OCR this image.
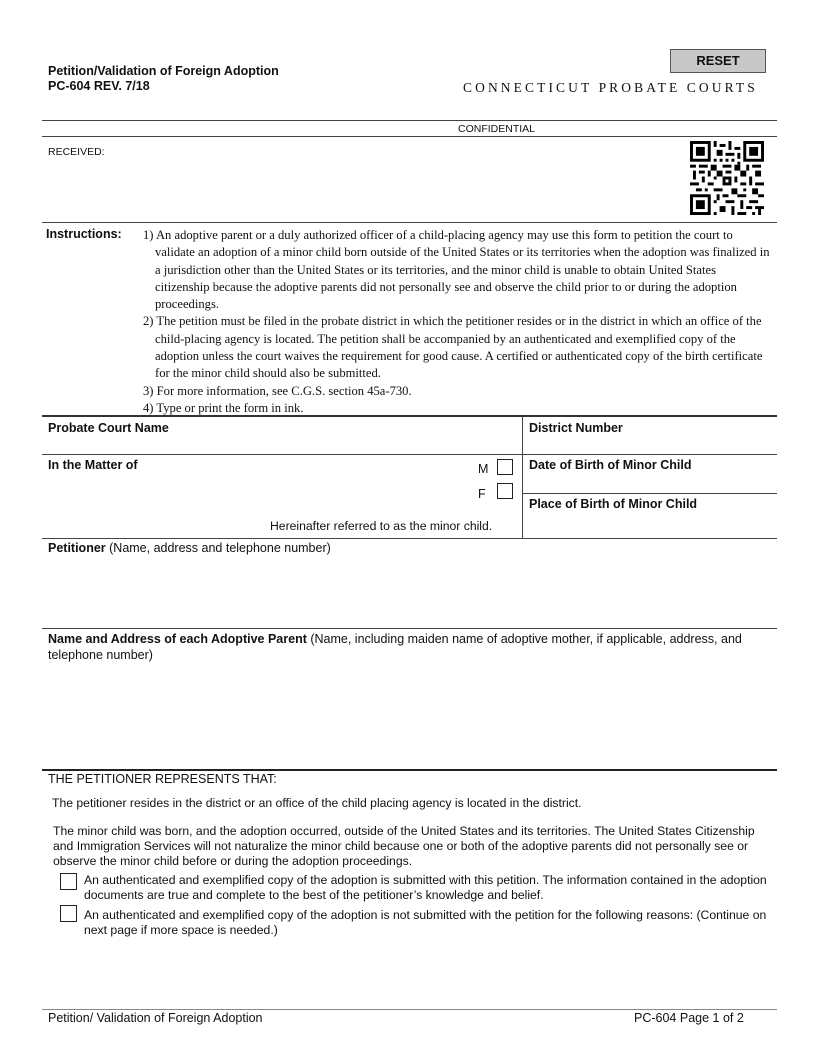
Petition/Validation of Foreign Adoption
PC-604 REV. 7/18
RESET
CONNECTICUT PROBATE COURTS
CONFIDENTIAL
RECEIVED:
Instructions: 1) An adoptive parent or a duly authorized officer of a child-placing agency may use this form to petition the court to validate an adoption of a minor child born outside of the United States or its territories when the adoption was finalized in a jurisdiction other than the United States or its territories, and the minor child is unable to obtain United States citizenship because the adoptive parents did not personally see and observe the child prior to or during the adoption proceedings.
2) The petition must be filed in the probate district in which the petitioner resides or in the district in which an office of the child-placing agency is located. The petition shall be accompanied by an authenticated and exemplified copy of the adoption unless the court waives the requirement for good cause. A certified or authenticated copy of the birth certificate for the minor child should also be submitted.
3) For more information, see C.G.S. section 45a-730.
4) Type or print the form in ink.
Probate Court Name	District Number
In the Matter of	M
F
Hereinafter referred to as the minor child.
Date of Birth of Minor Child
Place of Birth of Minor Child
Petitioner (Name, address and telephone number)
Name and Address of each Adoptive Parent (Name, including maiden name of adoptive mother, if applicable, address, and telephone number)
THE PETITIONER REPRESENTS THAT:
The petitioner resides in the district or an office of the child placing agency is located in the district.
The minor child was born, and the adoption occurred, outside of the United States and its territories. The United States Citizenship and Immigration Services will not naturalize the minor child because one or both of the adoptive parents did not personally see or observe the minor child before or during the adoption proceedings.
An authenticated and exemplified copy of the adoption is submitted with this petition. The information contained in the adoption documents are true and complete to the best of the petitioner’s knowledge and belief.
An authenticated and exemplified copy of the adoption is not submitted with the petition for the following reasons: (Continue on next page if more space is needed.)
Petition/ Validation of Foreign Adoption	PC-604 Page 1 of 2
